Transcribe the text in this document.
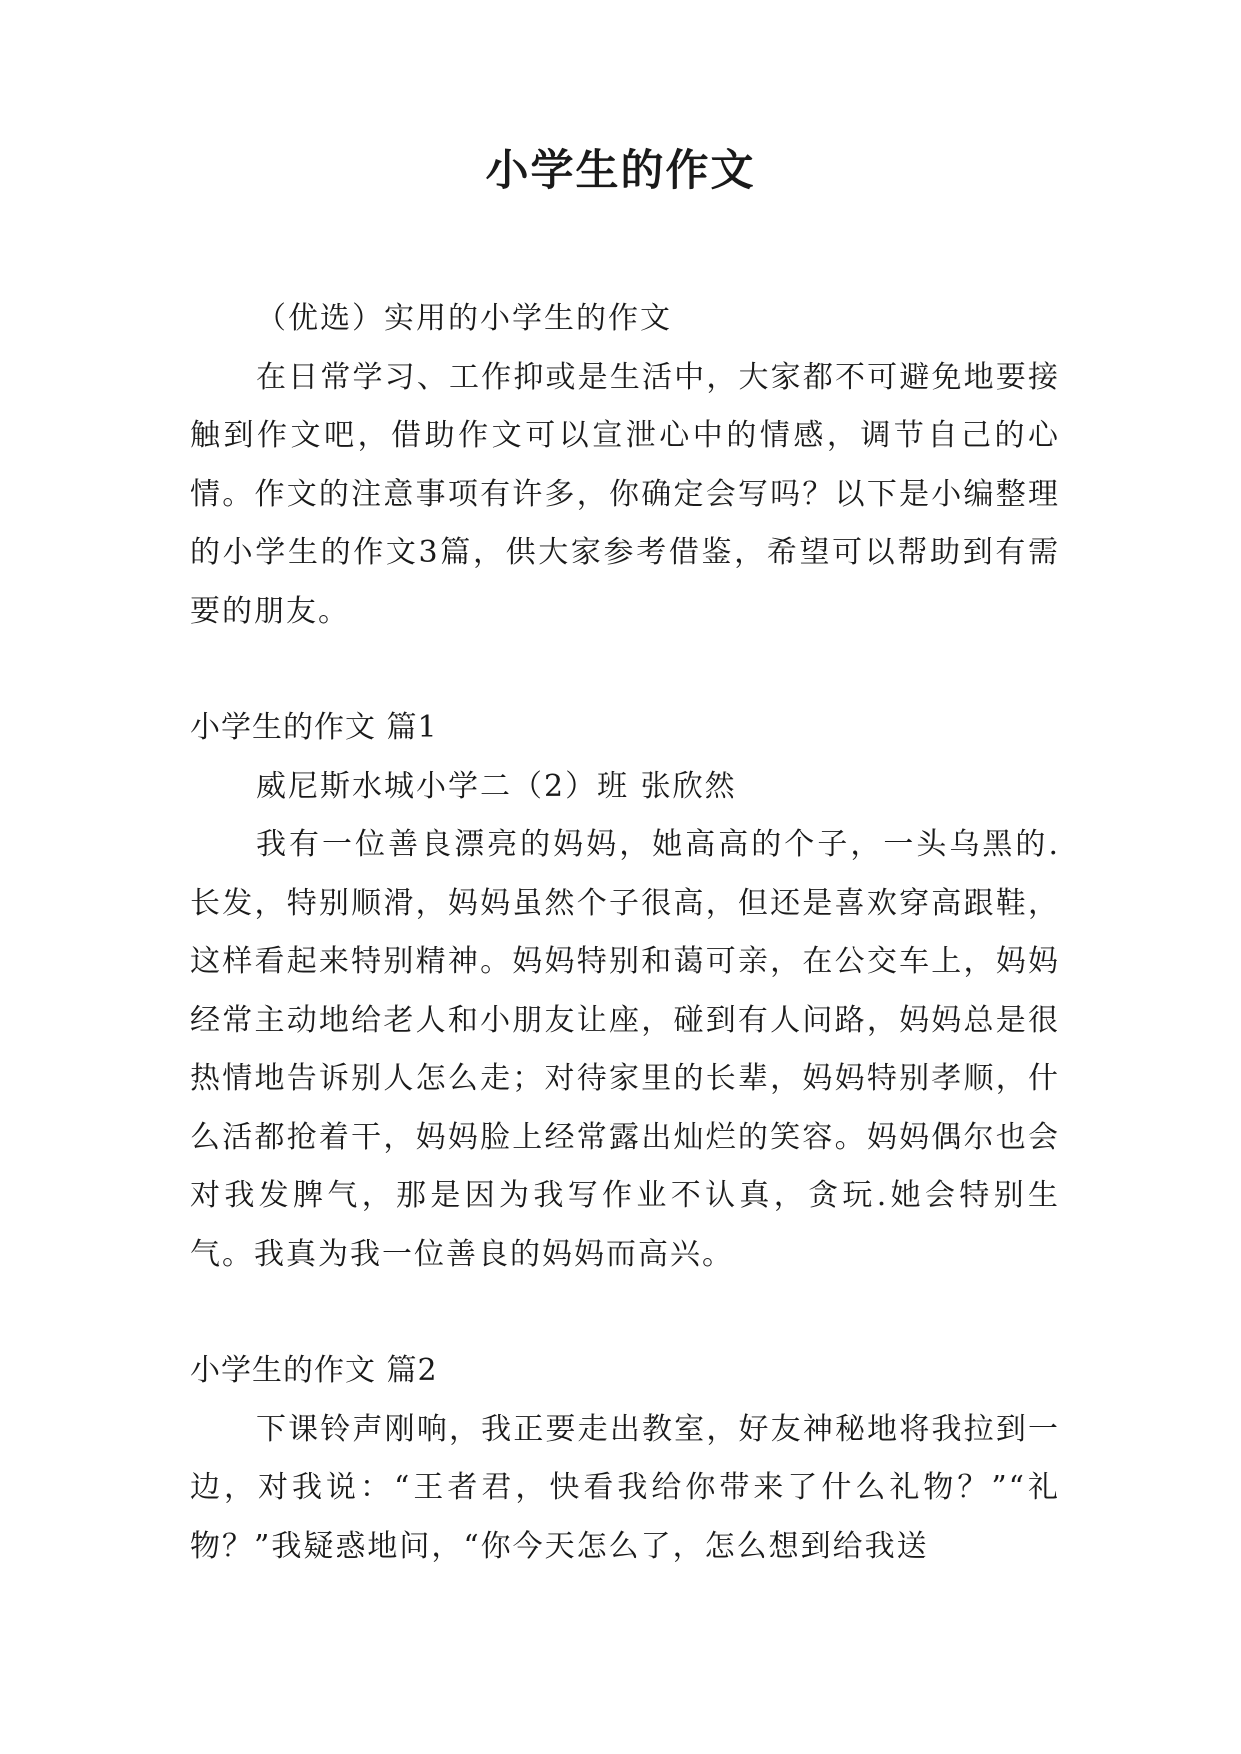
小学生的作文

（优选）实用的小学生的作文

在日常学习、工作抑或是生活中，大家都不可避免地要接触到作文吧，借助作文可以宣泄心中的情感，调节自己的心情。作文的注意事项有许多，你确定会写吗？以下是小编整理的小学生的作文3篇，供大家参考借鉴，希望可以帮助到有需要的朋友。

小学生的作文 篇1

威尼斯水城小学二（2）班 张欣然

我有一位善良漂亮的妈妈，她高高的个子，一头乌黑的.长发，特别顺滑，妈妈虽然个子很高，但还是喜欢穿高跟鞋，这样看起来特别精神。妈妈特别和蔼可亲，在公交车上，妈妈经常主动地给老人和小朋友让座，碰到有人问路，妈妈总是很热情地告诉别人怎么走；对待家里的长辈，妈妈特别孝顺，什么活都抢着干，妈妈脸上经常露出灿烂的笑容。妈妈偶尔也会对我发脾气，那是因为我写作业不认真，贪玩.她会特别生气。我真为我一位善良的妈妈而高兴。

小学生的作文 篇2

下课铃声刚响，我正要走出教室，好友神秘地将我拉到一边，对我说：“王者君，快看我给你带来了什么礼物？”“礼物？”我疑惑地问，“你今天怎么了，怎么想到给我送
